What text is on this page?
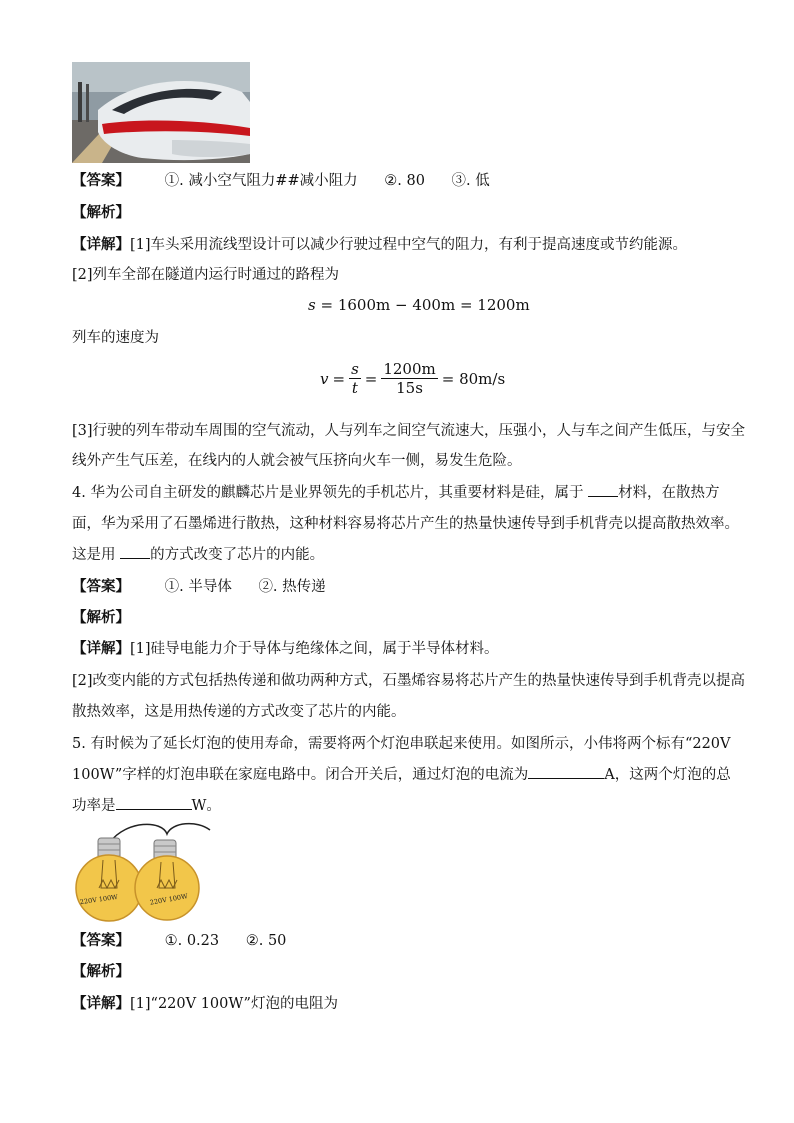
【答案】 ①. 减小空气阻力##减小阻力 ②. 80 ③. 低
【解析】
【详解】[1]车头采用流线型设计可以减少行驶过程中空气的阻力，有利于提高速度或节约能源。
[2]列车全部在隧道内运行时通过的路程为
s = 1600m − 400m = 1200m
列车的速度为
$v = \frac{s}{t} = \frac{1200m}{15s} = 80m/s$
[3]行驶的列车带动车周围的空气流动，人与列车之间空气流速大，压强小，人与车之间产生低压，与安全
线外产生气压差，在线内的人就会被气压挤向火车一侧，易发生危险。
4. 华为公司自主研发的麒麟芯片是业界领先的手机芯片，其重要材料是硅，属于 材料，在散热方
面，华为采用了石墨烯进行散热，这种材料容易将芯片产生的热量快速传导到手机背壳以提高散热效率。
这是用 的方式改变了芯片的内能。
【答案】 ①. 半导体 ②. 热传递
【解析】
【详解】[1]硅导电能力介于导体与绝缘体之间，属于半导体材料。
[2]改变内能的方式包括热传递和做功两种方式，石墨烯容易将芯片产生的热量快速传导到手机背壳以提高
散热效率，这是用热传递的方式改变了芯片的内能。
5. 有时候为了延长灯泡的使用寿命，需要将两个灯泡串联起来使用。如图所示，小伟将两个标有“220V
100W”字样的灯泡串联在家庭电路中。闭合开关后，通过灯泡的电流为	A，这两个灯泡的总
功率是	W。
220V 100W	220V 100W
【答案】 ①. 0.23 ②. 50
【解析】
【详解】[1]“220V 100W”灯泡的电阻为
